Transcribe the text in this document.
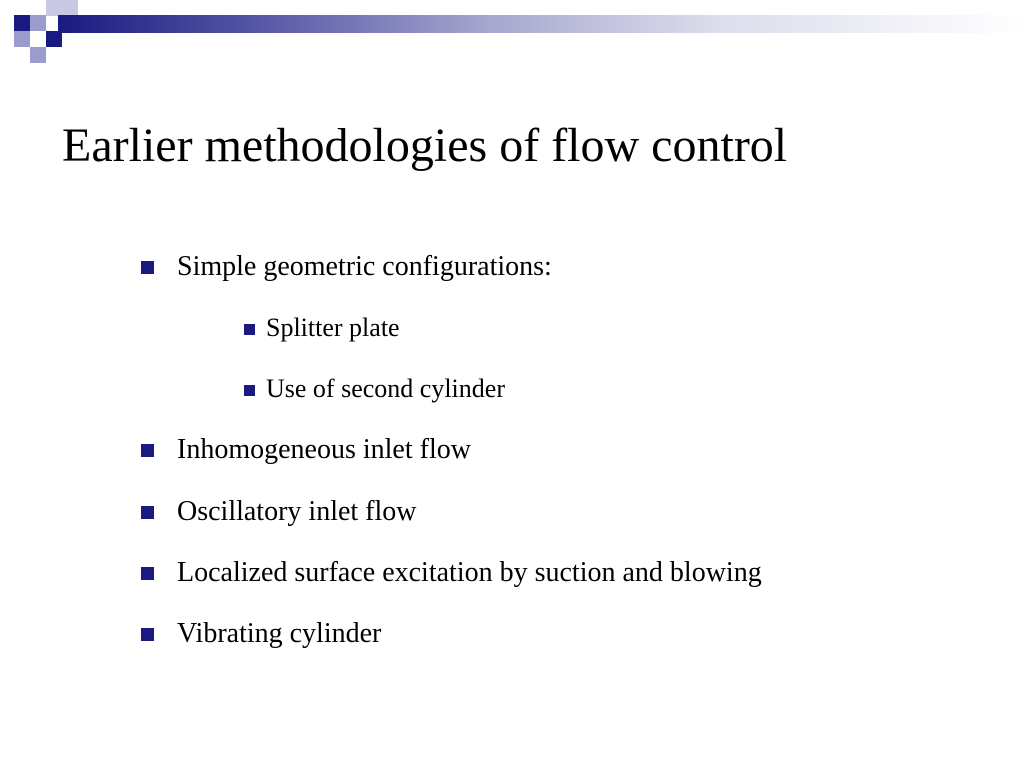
Earlier methodologies of flow control
Simple geometric configurations:
Splitter plate
Use of second cylinder
Inhomogeneous inlet flow
Oscillatory inlet flow
Localized surface excitation by suction and blowing
Vibrating cylinder
